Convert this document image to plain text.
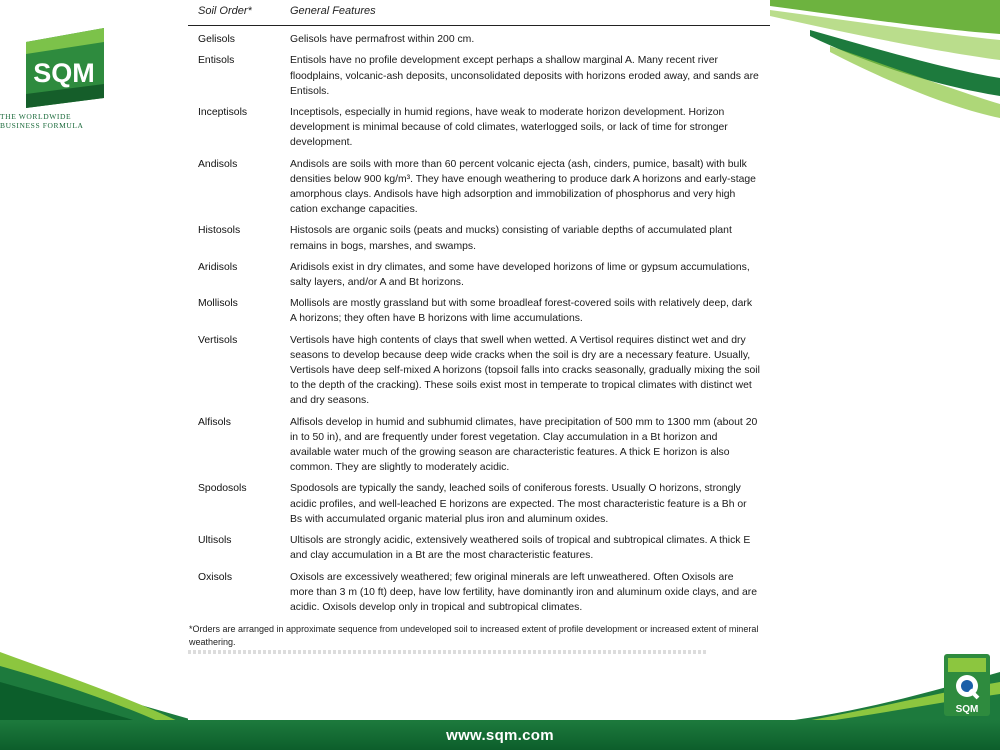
SQM
THE WORLDWIDE
BUSINESS FORMULA
SQM
Soil Order*	General Features
Gelisols	Gelisols have permafrost within 200 cm.
Entisols	Entisols have no profile development except perhaps a shallow marginal A. Many recent river floodplains, volcanic-ash deposits, unconsolidated deposits with horizons eroded away, and sands are Entisols.
Inceptisols	Inceptisols, especially in humid regions, have weak to moderate horizon development. Horizon development is minimal because of cold climates, waterlogged soils, or lack of time for stronger development.
Andisols	Andisols are soils with more than 60 percent volcanic ejecta (ash, cinders, pumice, basalt) with bulk densities below 900 kg/m³. They have enough weathering to produce dark A horizons and early-stage amorphous clays. Andisols have high adsorption and immobilization of phosphorus and very high cation exchange capacities.
Histosols	Histosols are organic soils (peats and mucks) consisting of variable depths of accumulated plant remains in bogs, marshes, and swamps.
Aridisols	Aridisols exist in dry climates, and some have developed horizons of lime or gypsum accumulations, salty layers, and/or A and Bt horizons.
Mollisols	Mollisols are mostly grassland but with some broadleaf forest-covered soils with relatively deep, dark A horizons; they often have B horizons with lime accumulations.
Vertisols	Vertisols have high contents of clays that swell when wetted. A Vertisol requires distinct wet and dry seasons to develop because deep wide cracks when the soil is dry are a necessary feature. Usually, Vertisols have deep self-mixed A horizons (topsoil falls into cracks seasonally, gradually mixing the soil to the depth of the cracking). These soils exist most in temperate to tropical climates with distinct wet and dry seasons.
Alfisols	Alfisols develop in humid and subhumid climates, have precipitation of 500 mm to 1300 mm (about 20 in to 50 in), and are frequently under forest vegetation. Clay accumulation in a Bt horizon and available water much of the growing season are characteristic features. A thick E horizon is also common. They are slightly to moderately acidic.
Spodosols	Spodosols are typically the sandy, leached soils of coniferous forests. Usually O horizons, strongly acidic profiles, and well-leached E horizons are expected. The most characteristic feature is a Bh or Bs with accumulated organic material plus iron and aluminum oxides.
Ultisols	Ultisols are strongly acidic, extensively weathered soils of tropical and subtropical climates. A thick E and clay accumulation in a Bt are the most characteristic features.
Oxisols	Oxisols are excessively weathered; few original minerals are left unweathered. Often Oxisols are more than 3 m (10 ft) deep, have low fertility, have dominantly iron and aluminum oxide clays, and are acidic. Oxisols develop only in tropical and subtropical climates.
*Orders are arranged in approximate sequence from undeveloped soil to increased extent of profile development or increased extent of mineral weathering.
www.sqm.com
